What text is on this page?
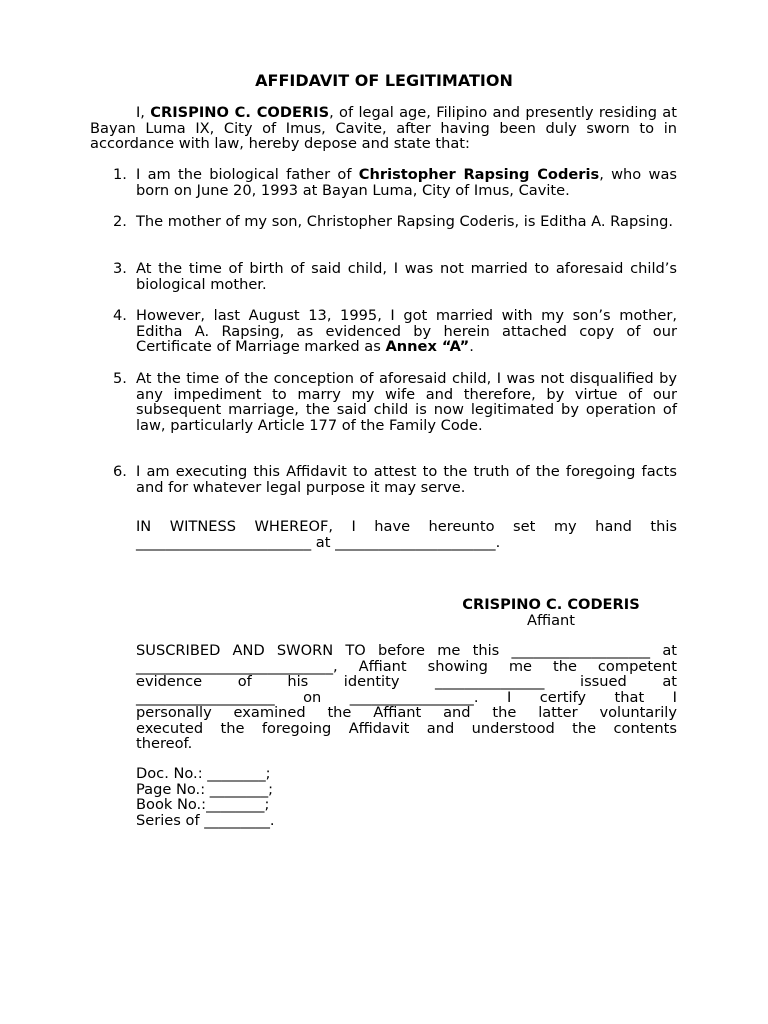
AFFIDAVIT OF LEGITIMATION

I, CRISPINO C. CODERIS, of legal age, Filipino and presently residing at Bayan Luma IX, City of Imus, Cavite, after having been duly sworn to in accordance with law, hereby depose and state that:

1. I am the biological father of Christopher Rapsing Coderis, who was born on June 20, 1993 at Bayan Luma, City of Imus, Cavite.

2. The mother of my son, Christopher Rapsing Coderis, is Editha A. Rapsing.

3. At the time of birth of said child, I was not married to aforesaid child’s biological mother.

4. However, last August 13, 1995, I got married with my son’s mother, Editha A. Rapsing, as evidenced by herein attached copy of our Certificate of Marriage marked as Annex “A”.

5. At the time of the conception of aforesaid child, I was not disqualified by any impediment to marry my wife and therefore, by virtue of our subsequent marriage, the said child is now legitimated by operation of law, particularly Article 177 of the Family Code.

6. I am executing this Affidavit to attest to the truth of the foregoing facts and for whatever legal purpose it may serve.

IN WITNESS WHEREOF, I have hereunto set my hand this
________________________ at ______________________.
CRISPINO C. CODERIS
Affiant
SUSCRIBED AND SWORN TO before me this ___________________ at
___________________________, Affiant showing me the competent
evidence of his identity _______________ issued at
___________________ on _________________. I certify that I
personally examined the Affiant and the latter voluntarily
executed the foregoing Affidavit and understood the contents
thereof.
Doc. No.: ________;
Page No.: ________;
Book No.:________;
Series of _________.
